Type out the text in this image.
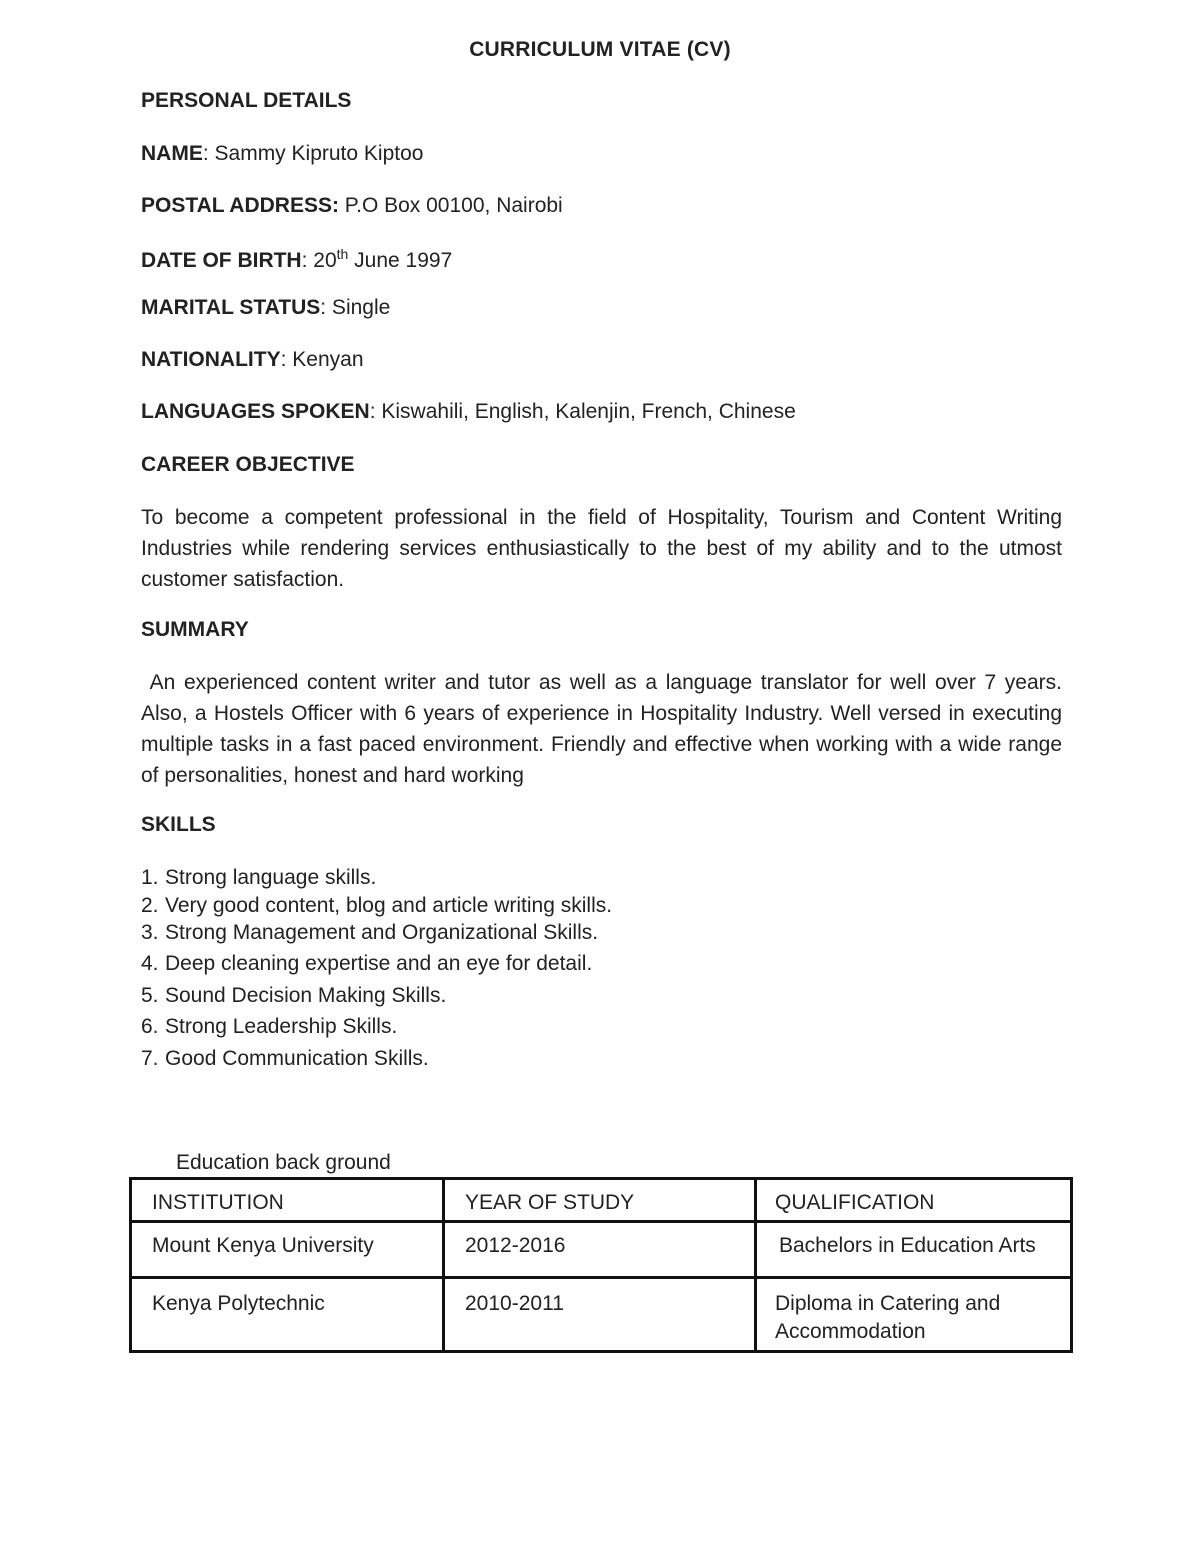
CURRICULUM VITAE (CV)
PERSONAL DETAILS
NAME: Sammy Kipruto Kiptoo
POSTAL ADDRESS: P.O Box 00100, Nairobi
DATE OF BIRTH: 20th June 1997
MARITAL STATUS: Single
NATIONALITY: Kenyan
LANGUAGES SPOKEN: Kiswahili, English, Kalenjin, French, Chinese
CAREER OBJECTIVE

To become a competent professional in the field of Hospitality, Tourism and Content Writing Industries while rendering services enthusiastically to the best of my ability and to the utmost customer satisfaction.

SUMMARY

An experienced content writer and tutor as well as a language translator for well over 7 years. Also, a Hostels Officer with 6 years of experience in Hospitality Industry. Well versed in executing multiple tasks in a fast paced environment. Friendly and effective when working with a wide range of personalities, honest and hard working

SKILLS
1. Strong language skills.
2. Very good content, blog and article writing skills.
3. Strong Management and Organizational Skills.
4. Deep cleaning expertise and an eye for detail.
5. Sound Decision Making Skills.
6. Strong Leadership Skills.
7. Good Communication Skills.
Education back ground
INSTITUTION	YEAR OF STUDY	QUALIFICATION
Mount Kenya University	2012-2016	Bachelors in Education Arts
Kenya Polytechnic	2010-2011	Diploma in Catering and Accommodation
